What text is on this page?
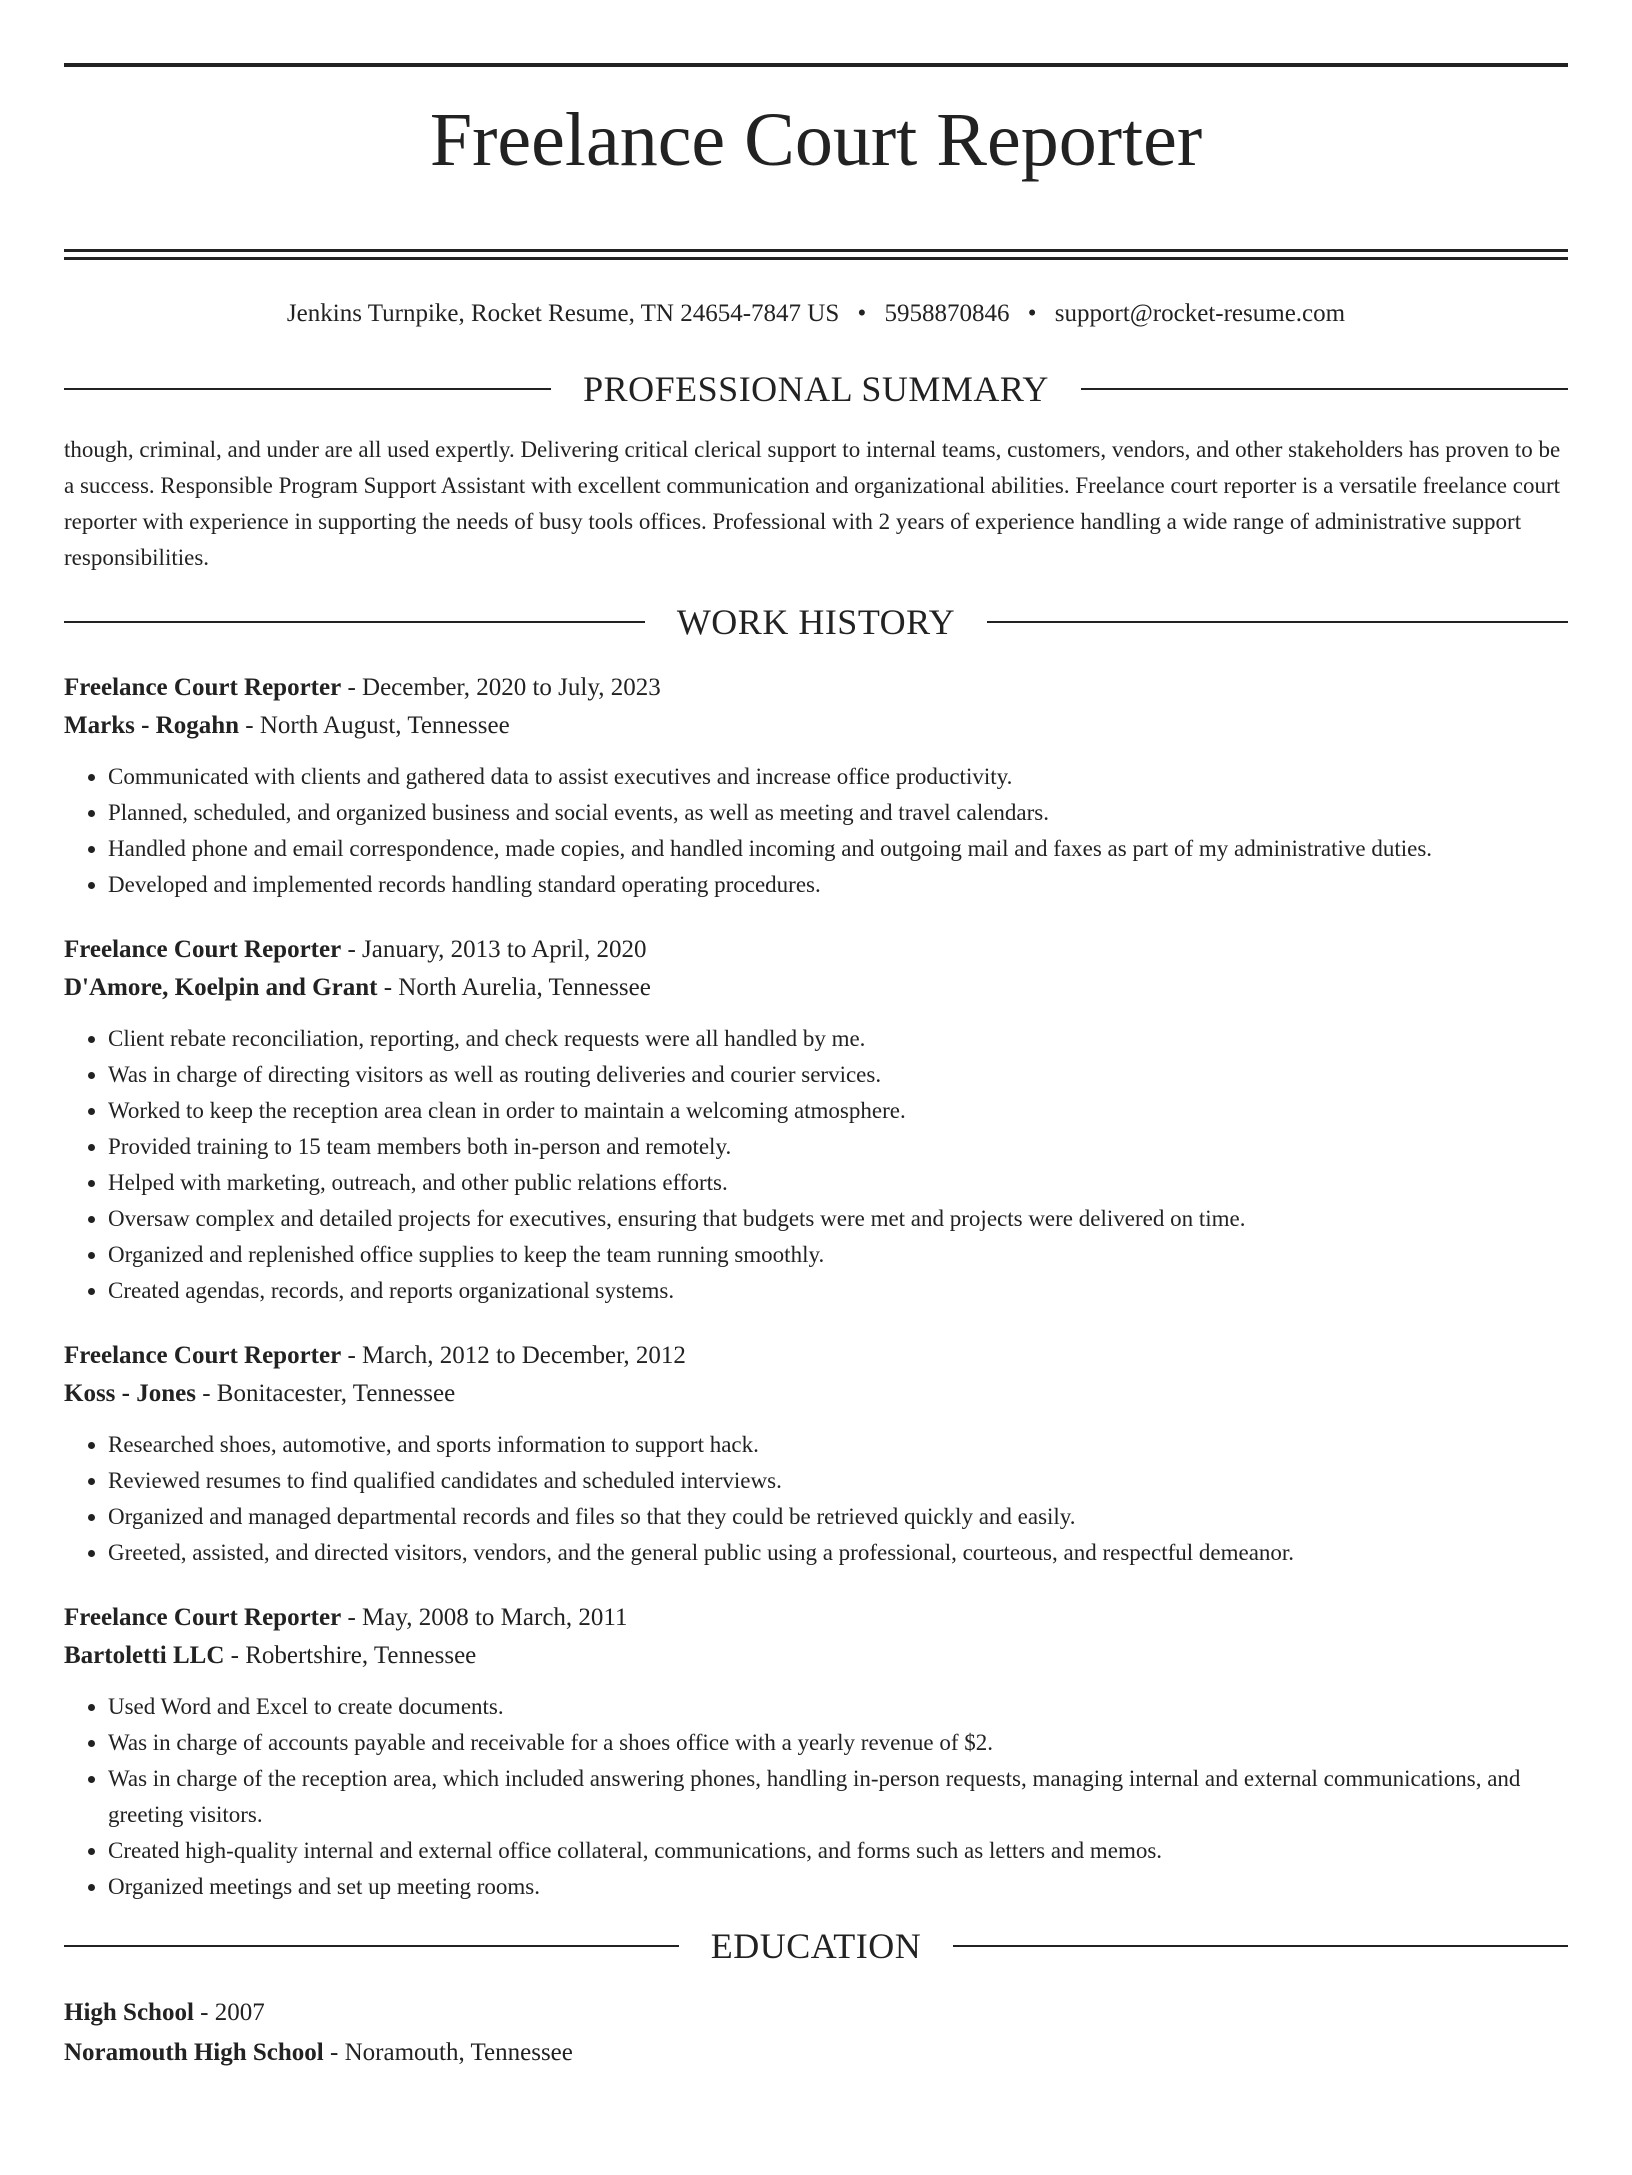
Freelance Court Reporter
Jenkins Turnpike, Rocket Resume, TN 24654-7847 US • 5958870846 • support@rocket-resume.com
PROFESSIONAL SUMMARY

though, criminal, and under are all used expertly. Delivering critical clerical support to internal teams, customers, vendors, and other stakeholders has proven to be a success. Responsible Program Support Assistant with excellent communication and organizational abilities. Freelance court reporter is a versatile freelance court reporter with experience in supporting the needs of busy tools offices. Professional with 2 years of experience handling a wide range of administrative support responsibilities.

WORK HISTORY
Freelance Court Reporter - December, 2020 to July, 2023
Marks - Rogahn - North August, Tennessee
• Communicated with clients and gathered data to assist executives and increase office productivity.
• Planned, scheduled, and organized business and social events, as well as meeting and travel calendars.
• Handled phone and email correspondence, made copies, and handled incoming and outgoing mail and faxes as part of my administrative duties.
• Developed and implemented records handling standard operating procedures.
Freelance Court Reporter - January, 2013 to April, 2020
D'Amore, Koelpin and Grant - North Aurelia, Tennessee
• Client rebate reconciliation, reporting, and check requests were all handled by me.
• Was in charge of directing visitors as well as routing deliveries and courier services.
• Worked to keep the reception area clean in order to maintain a welcoming atmosphere.
• Provided training to 15 team members both in-person and remotely.
• Helped with marketing, outreach, and other public relations efforts.
• Oversaw complex and detailed projects for executives, ensuring that budgets were met and projects were delivered on time.
• Organized and replenished office supplies to keep the team running smoothly.
• Created agendas, records, and reports organizational systems.
Freelance Court Reporter - March, 2012 to December, 2012
Koss - Jones - Bonitacester, Tennessee
• Researched shoes, automotive, and sports information to support hack.
• Reviewed resumes to find qualified candidates and scheduled interviews.
• Organized and managed departmental records and files so that they could be retrieved quickly and easily.
• Greeted, assisted, and directed visitors, vendors, and the general public using a professional, courteous, and respectful demeanor.
Freelance Court Reporter - May, 2008 to March, 2011
Bartoletti LLC - Robertshire, Tennessee
• Used Word and Excel to create documents.
• Was in charge of accounts payable and receivable for a shoes office with a yearly revenue of $2.
• Was in charge of the reception area, which included answering phones, handling in-person requests, managing internal and external communications, and greeting visitors.
• Created high-quality internal and external office collateral, communications, and forms such as letters and memos.
• Organized meetings and set up meeting rooms.
EDUCATION
High School - 2007
Noramouth High School - Noramouth, Tennessee
